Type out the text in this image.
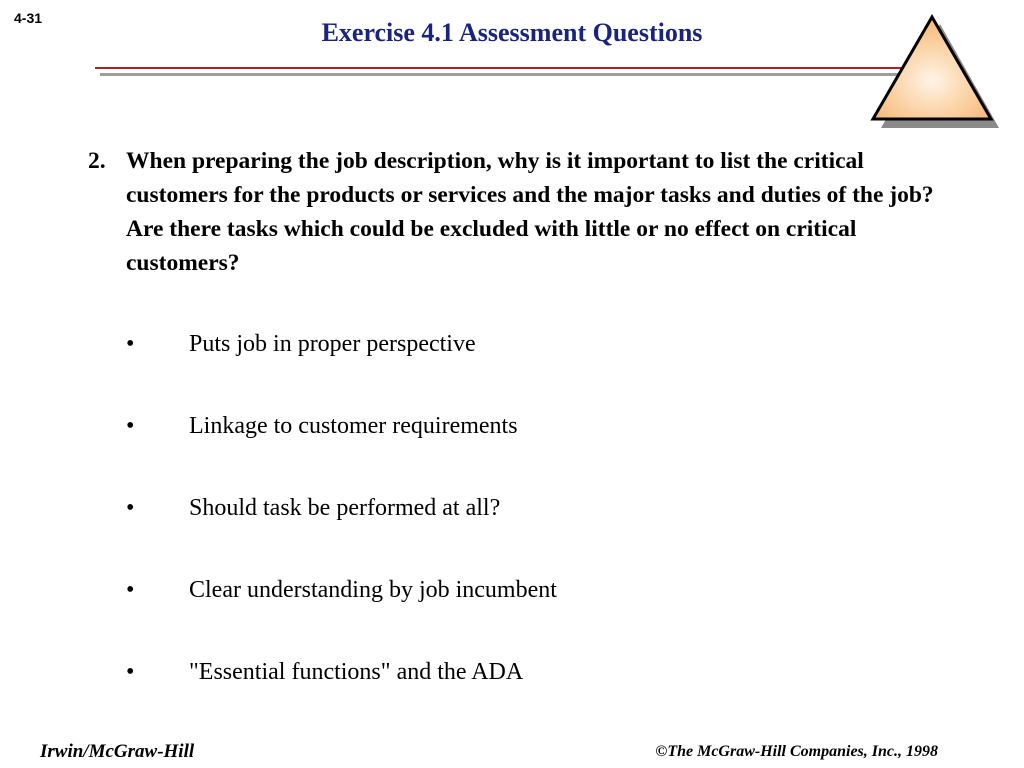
4-31	Exercise 4.1 Assessment Questions
2. When preparing the job description, why is it important to list the critical customers for the products or services and the major tasks and duties of the job? Are there tasks which could be excluded with little or no effect on critical customers?
• Puts job in proper perspective
• Linkage to customer requirements
• Should task be performed at all?
• Clear understanding by job incumbent
• "Essential functions" and the ADA
Irwin/McGraw-Hill	©The McGraw-Hill Companies, Inc., 1998
